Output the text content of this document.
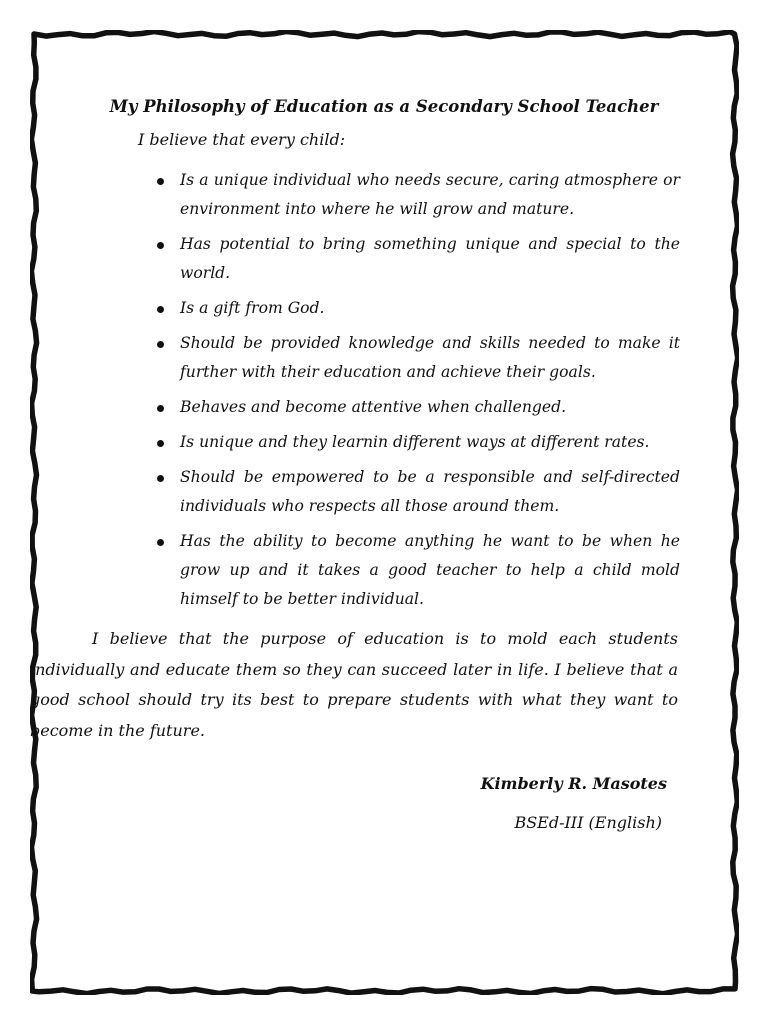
My Philosophy of Education as a Secondary School Teacher
I believe that every child:
Is a unique individual who needs secure, caring atmosphere or environment into where he will grow and mature.
Has potential to bring something unique and special to the world.
Is a gift from God.
Should be provided knowledge and skills needed to make it further with their education and achieve their goals.
Behaves and become attentive when challenged.
Is unique and they learnin different ways at different rates.
Should be empowered to be a responsible and self-directed individuals who respects all those around them.
Has the ability to become anything he want to be when he grow up and it takes a good teacher to help a child mold himself to be better individual.

I believe that the purpose of education is to mold each students individually and educate them so they can succeed later in life. I believe that a good school should try its best to prepare students with what they want to become in the future.

Kimberly R. Masotes
BSEd-III (English)
